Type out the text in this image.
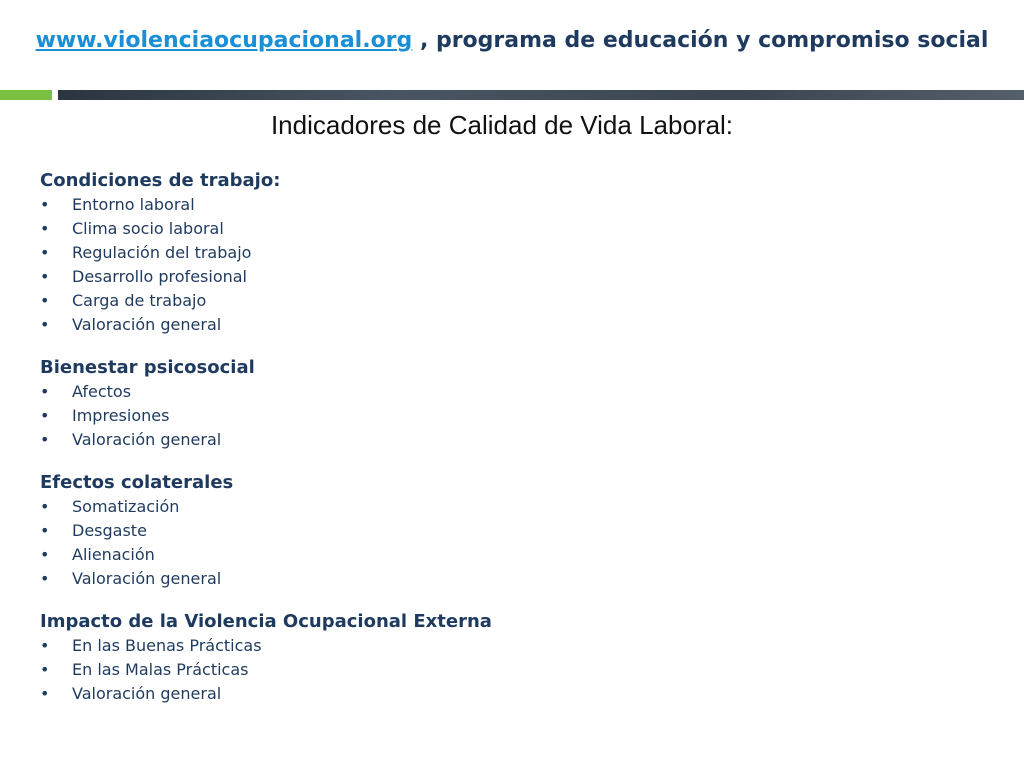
www.violenciaocupacional.org , programa de educación y compromiso social
Indicadores de Calidad de Vida Laboral:
Condiciones de trabajo:
• Entorno laboral
• Clima socio laboral
• Regulación del trabajo
• Desarrollo profesional
• Carga de trabajo
• Valoración general
Bienestar psicosocial
• Afectos
• Impresiones
• Valoración general
Efectos colaterales
• Somatización
• Desgaste
• Alienación
• Valoración general
Impacto de la Violencia Ocupacional Externa
• En las Buenas Prácticas
• En las Malas Prácticas
• Valoración general
